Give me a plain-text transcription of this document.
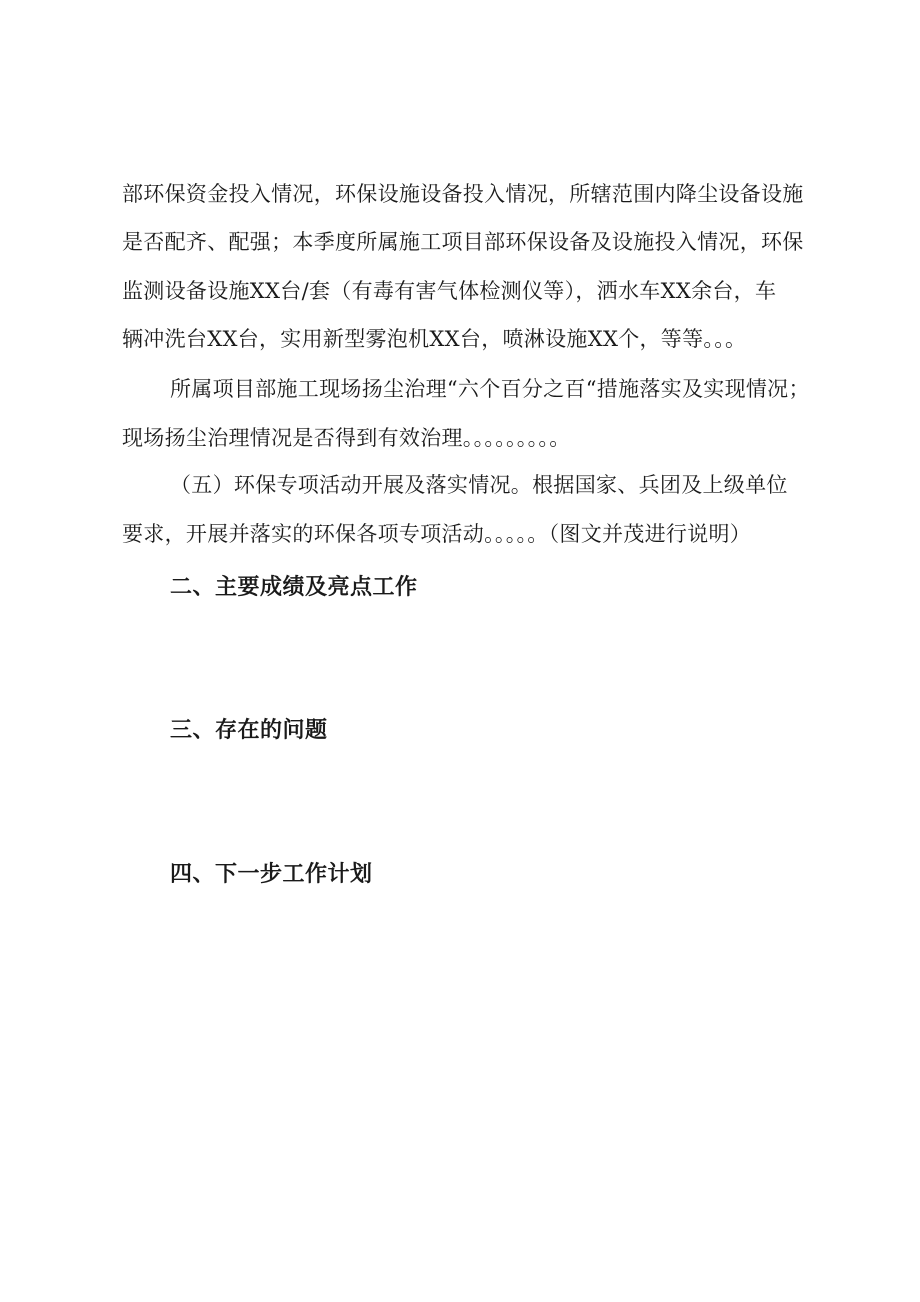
部环保资金投入情况，环保设施设备投入情况，所辖范围内降尘设备设施
是否配齐、配强；本季度所属施工项目部环保设备及设施投入情况，环保
监测设备设施XX台/套（有毒有害气体检测仪等），洒水车XX余台，车
辆冲洗台XX台，实用新型雾泡机XX台，喷淋设施XX个，等等。。。
所属项目部施工现场扬尘治理“六个百分之百“措施落实及实现情况；
现场扬尘治理情况是否得到有效治理。。。。。。。。。
（五）环保专项活动开展及落实情况。根据国家、兵团及上级单位
要求，开展并落实的环保各项专项活动。。。。。（图文并茂进行说明）
二、主要成绩及亮点工作
三、存在的问题
四、下一步工作计划
